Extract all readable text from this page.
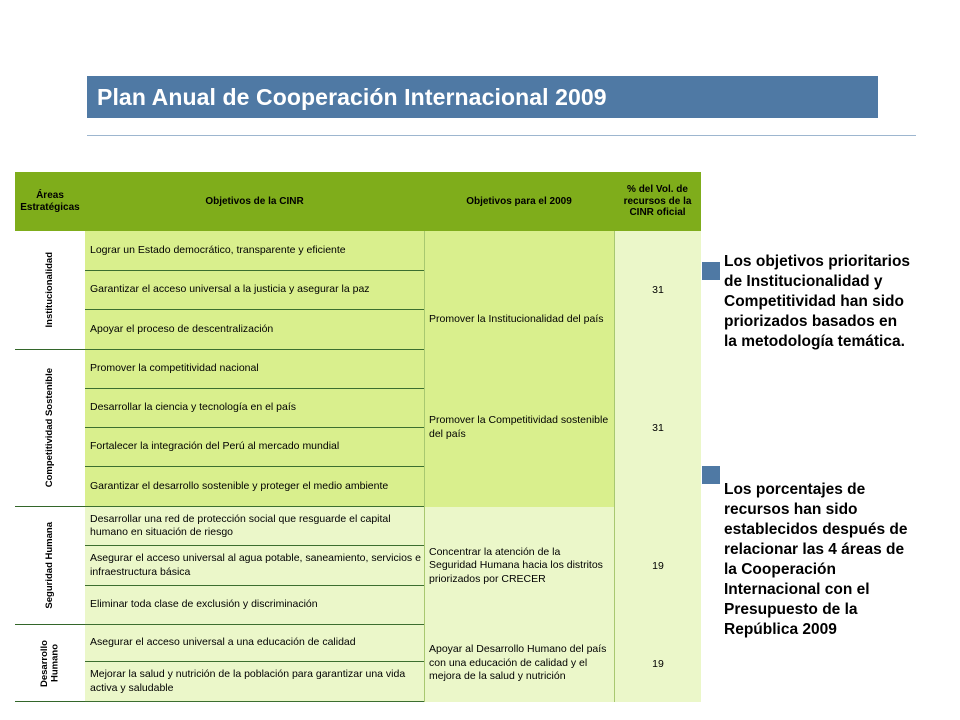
Plan Anual de Cooperación Internacional 2009
Áreas
Estratégicas
Objetivos de la CINR	Objetivos para el 2009
% del Vol. de
recursos de la
CINR oficial
Institucionalidad
Competitividad Sostenible
Seguridad Humana
Desarrollo
Humano
Lograr un Estado democrático, transparente y eficiente
Garantizar el acceso universal a la justicia y asegurar la paz
Apoyar el proceso de descentralización
Promover la competitividad nacional
Desarrollar la ciencia y tecnología en el país
Fortalecer la integración del Perú al mercado mundial
Garantizar el desarrollo sostenible y proteger el medio ambiente
Desarrollar una red de protección social que resguarde el capital humano en situación de riesgo
Asegurar el acceso universal al agua potable, saneamiento, servicios e infraestructura básica
Eliminar toda clase de exclusión y discriminación
Asegurar el acceso universal a una educación de calidad
Mejorar la salud y nutrición de la población para garantizar una vida activa y saludable
Promover la Institucionalidad del país
Promover la Competitividad sostenible del país
Concentrar la atención de la Seguridad Humana hacia los distritos priorizados por CRECER
Apoyar al Desarrollo Humano del país con una educación de calidad y el mejora de la salud y nutrición
31
31
19
19
Los objetivos prioritarios
de Institucionalidad y
Competitividad han sido
priorizados basados en
la metodología temática.
Los porcentajes de
recursos han sido
establecidos después de
relacionar las 4 áreas de
la Cooperación
Internacional con el
Presupuesto de la
República 2009
